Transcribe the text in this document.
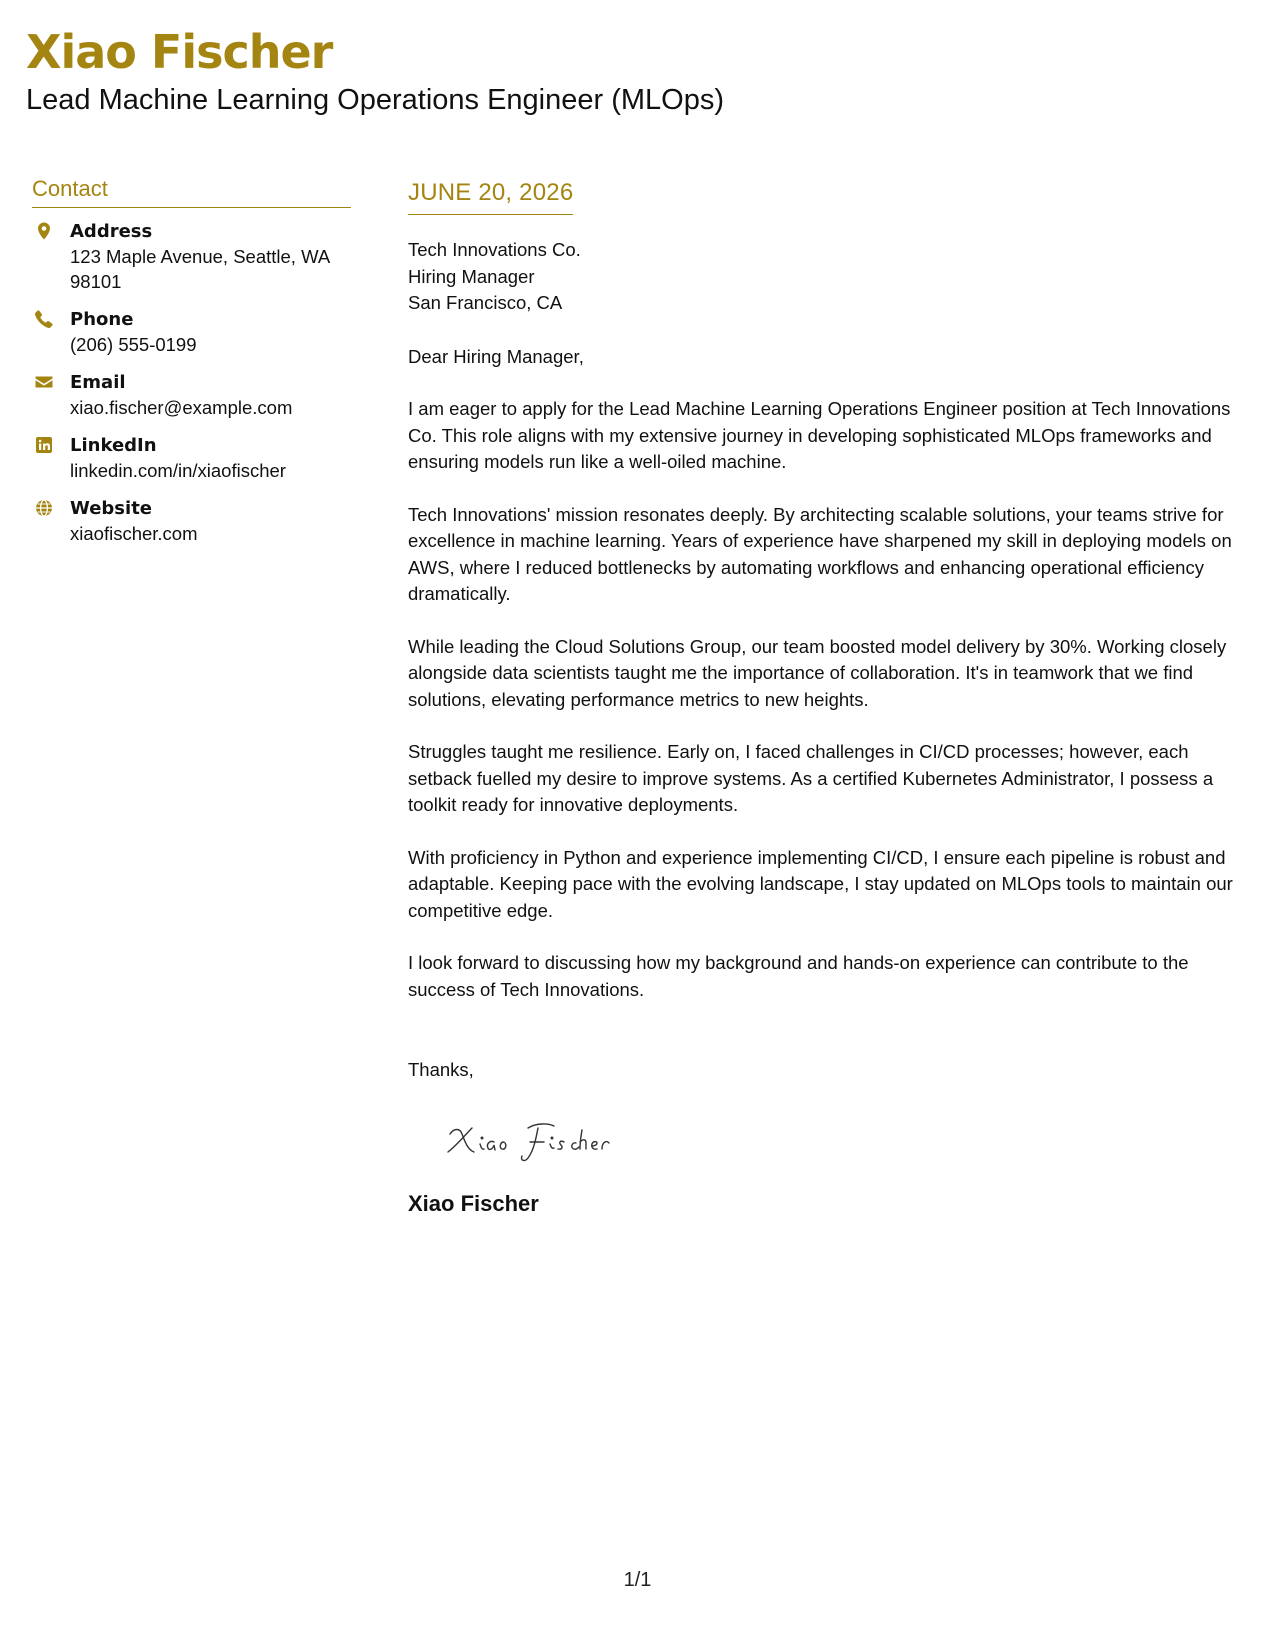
Xiao Fischer
Lead Machine Learning Operations Engineer (MLOps)
Contact
Address
123 Maple Avenue, Seattle, WA 98101
Phone
(206) 555-0199
Email
xiao.fischer@example.com
LinkedIn
linkedin.com/in/xiaofischer
Website
xiaofischer.com
JUNE 20, 2026
Tech Innovations Co.
Hiring Manager
San Francisco, CA
Dear Hiring Manager,

I am eager to apply for the Lead Machine Learning Operations Engineer position at Tech Innovations Co. This role aligns with my extensive journey in developing sophisticated MLOps frameworks and ensuring models run like a well-oiled machine.

Tech Innovations' mission resonates deeply. By architecting scalable solutions, your teams strive for excellence in machine learning. Years of experience have sharpened my skill in deploying models on AWS, where I reduced bottlenecks by automating workflows and enhancing operational efficiency dramatically.

While leading the Cloud Solutions Group, our team boosted model delivery by 30%. Working closely alongside data scientists taught me the importance of collaboration. It's in teamwork that we find solutions, elevating performance metrics to new heights.

Struggles taught me resilience. Early on, I faced challenges in CI/CD processes; however, each setback fuelled my desire to improve systems. As a certified Kubernetes Administrator, I possess a toolkit ready for innovative deployments.

With proficiency in Python and experience implementing CI/CD, I ensure each pipeline is robust and adaptable. Keeping pace with the evolving landscape, I stay updated on MLOps tools to maintain our competitive edge.

I look forward to discussing how my background and hands-on experience can contribute to the success of Tech Innovations.

Thanks,
Xiao Fischer
1/1
